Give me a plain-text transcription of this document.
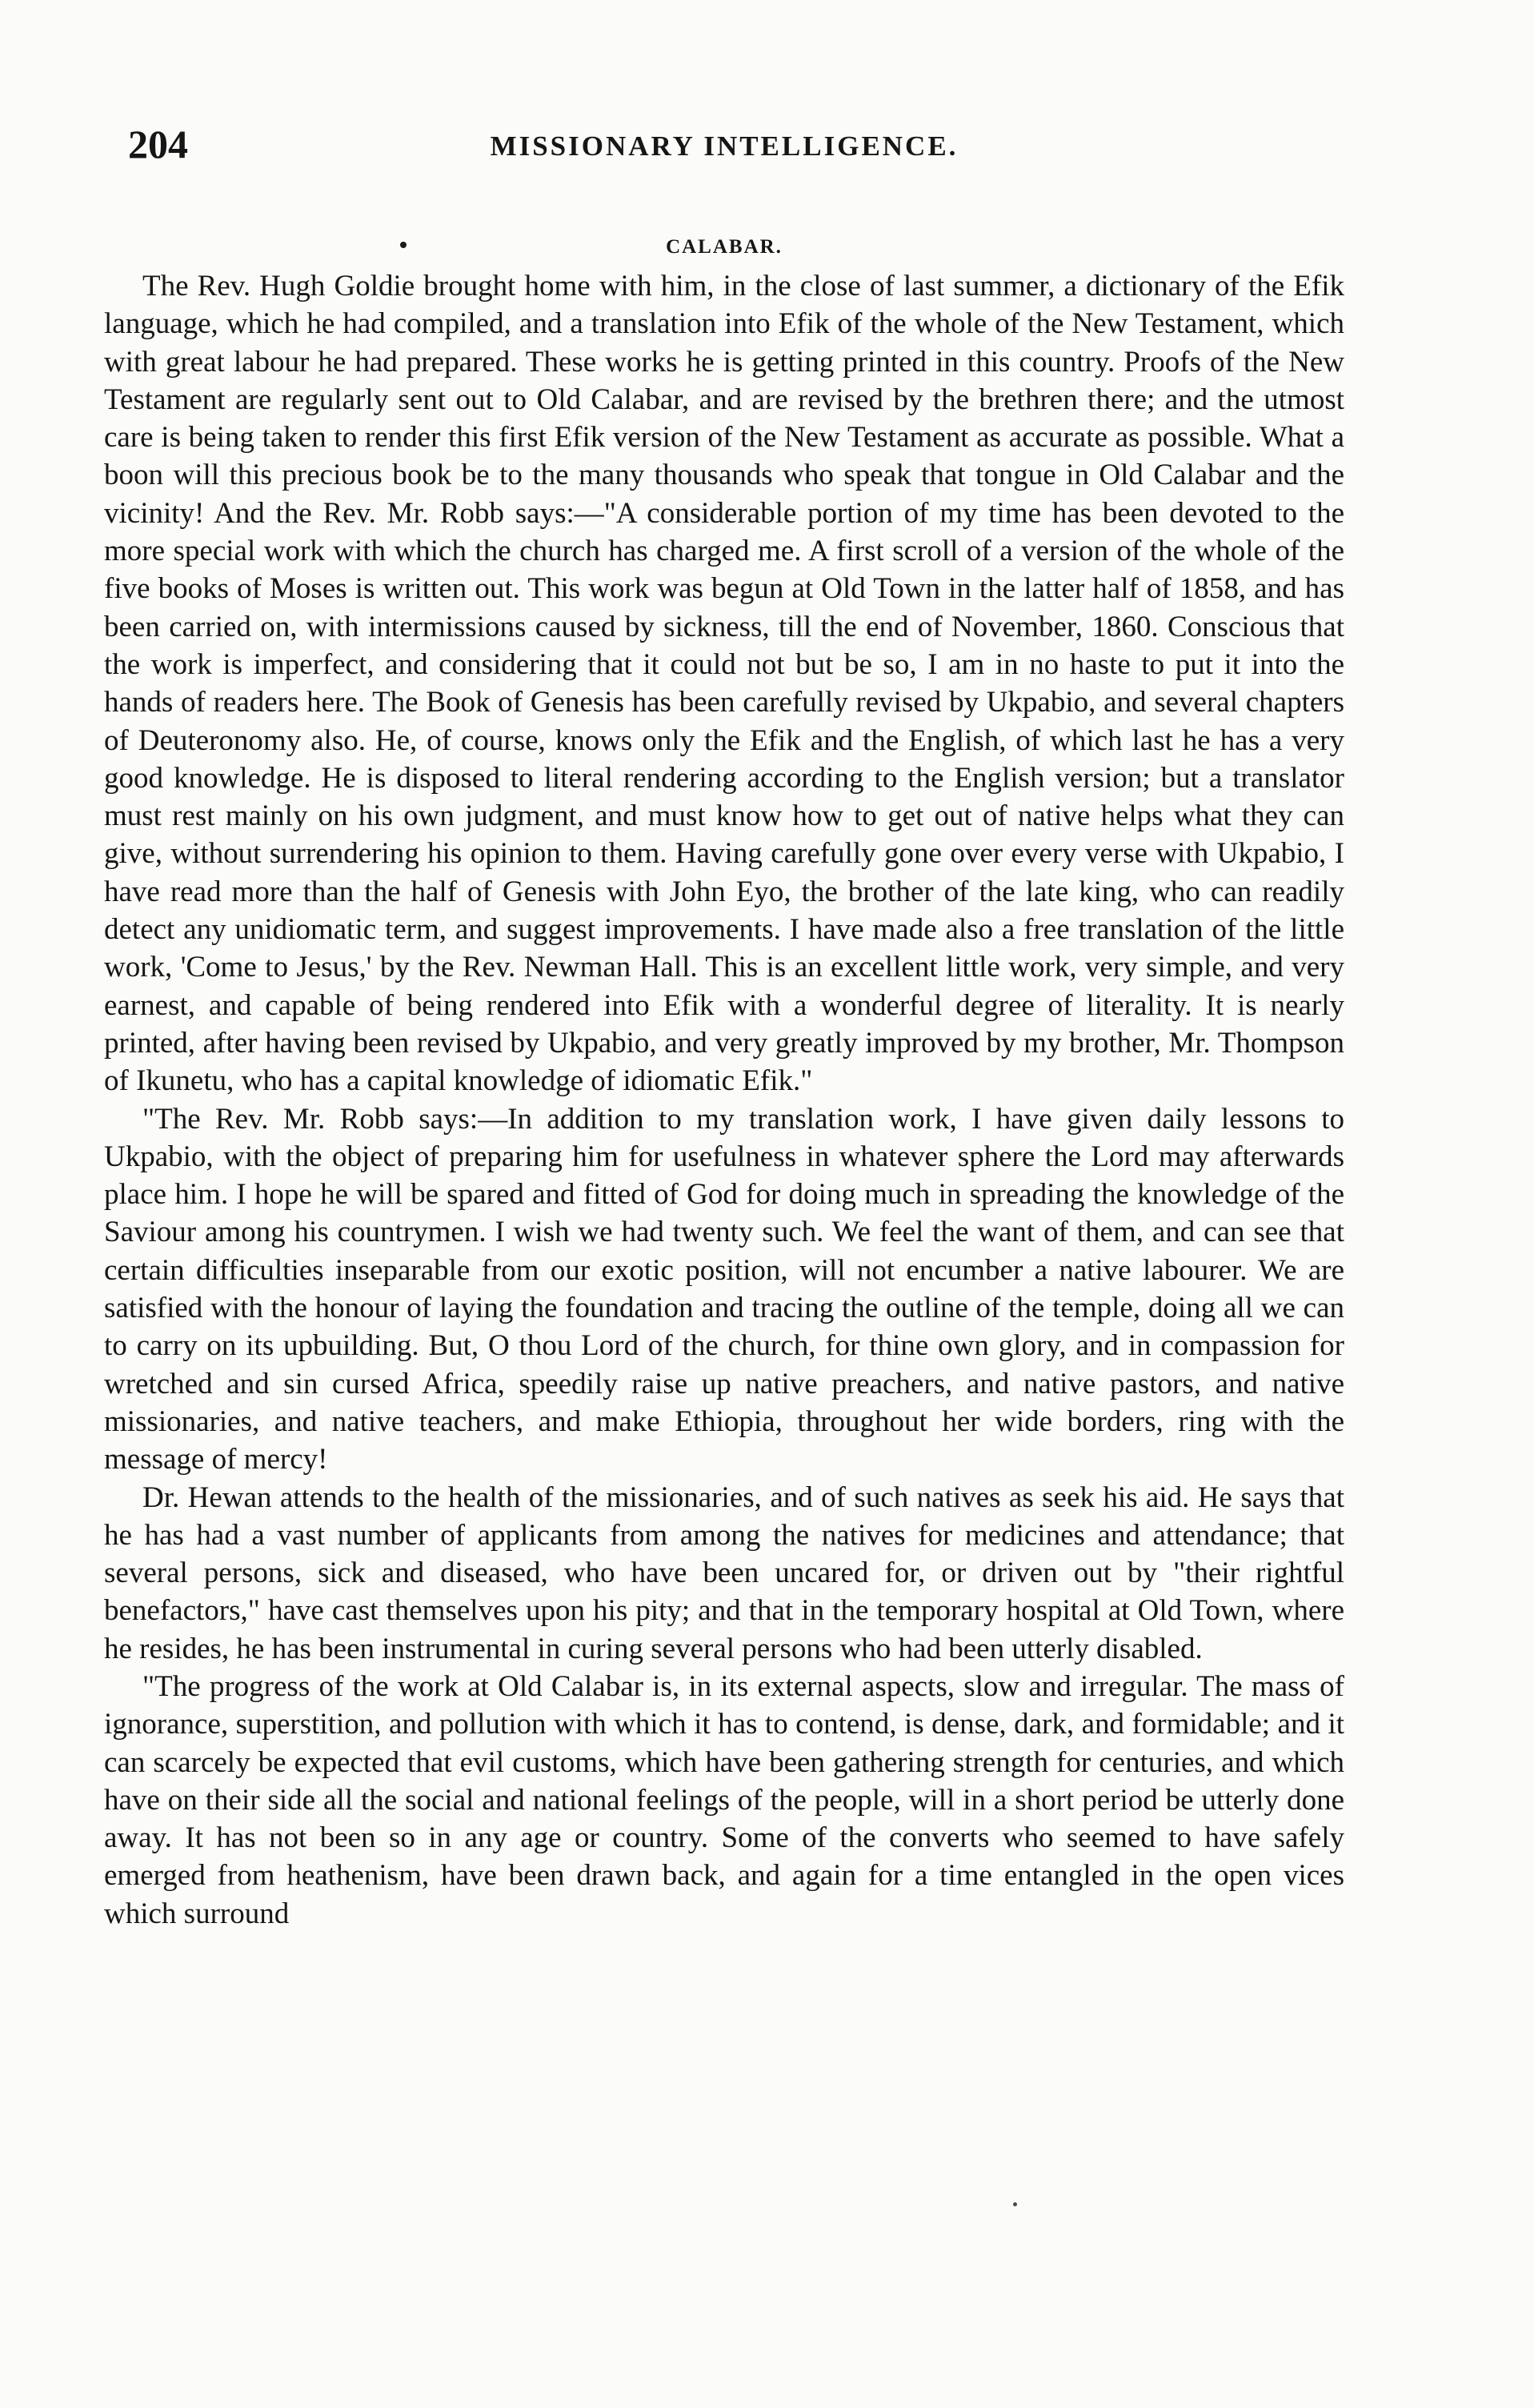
204	MISSIONARY INTELLIGENCE.
CALABAR.

The Rev. Hugh Goldie brought home with him, in the close of last summer, a dictionary of the Efik language, which he had compiled, and a translation into Efik of the whole of the New Testament, which with great labour he had prepared. These works he is getting printed in this country. Proofs of the New Testament are regularly sent out to Old Calabar, and are revised by the brethren there; and the utmost care is being taken to render this first Efik version of the New Testament as accurate as possible. What a boon will this precious book be to the many thousands who speak that tongue in Old Calabar and the vicinity! And the Rev. Mr. Robb says:—"A considerable portion of my time has been devoted to the more special work with which the church has charged me. A first scroll of a version of the whole of the five books of Moses is written out. This work was begun at Old Town in the latter half of 1858, and has been carried on, with intermissions caused by sickness, till the end of November, 1860. Conscious that the work is imperfect, and considering that it could not but be so, I am in no haste to put it into the hands of readers here. The Book of Genesis has been carefully revised by Ukpabio, and several chapters of Deuteronomy also. He, of course, knows only the Efik and the English, of which last he has a very good knowledge. He is disposed to literal rendering according to the English version; but a translator must rest mainly on his own judgment, and must know how to get out of native helps what they can give, without surrendering his opinion to them. Having carefully gone over every verse with Ukpabio, I have read more than the half of Genesis with John Eyo, the brother of the late king, who can readily detect any unidiomatic term, and suggest improvements. I have made also a free translation of the little work, 'Come to Jesus,' by the Rev. Newman Hall. This is an excellent little work, very simple, and very earnest, and capable of being rendered into Efik with a wonderful degree of literality. It is nearly printed, after having been revised by Ukpabio, and very greatly improved by my brother, Mr. Thompson of Ikunetu, who has a capital knowledge of idiomatic Efik."

"The Rev. Mr. Robb says:—In addition to my translation work, I have given daily lessons to Ukpabio, with the object of preparing him for usefulness in whatever sphere the Lord may afterwards place him. I hope he will be spared and fitted of God for doing much in spreading the knowledge of the Saviour among his countrymen. I wish we had twenty such. We feel the want of them, and can see that certain difficulties inseparable from our exotic position, will not encumber a native labourer. We are satisfied with the honour of laying the foundation and tracing the outline of the temple, doing all we can to carry on its upbuilding. But, O thou Lord of the church, for thine own glory, and in compassion for wretched and sin cursed Africa, speedily raise up native preachers, and native pastors, and native missionaries, and native teachers, and make Ethiopia, throughout her wide borders, ring with the message of mercy!

Dr. Hewan attends to the health of the missionaries, and of such natives as seek his aid. He says that he has had a vast number of applicants from among the natives for medicines and attendance; that several persons, sick and diseased, who have been uncared for, or driven out by "their rightful benefactors," have cast themselves upon his pity; and that in the temporary hospital at Old Town, where he resides, he has been instrumental in curing several persons who had been utterly disabled.

"The progress of the work at Old Calabar is, in its external aspects, slow and irregular. The mass of ignorance, superstition, and pollution with which it has to contend, is dense, dark, and formidable; and it can scarcely be expected that evil customs, which have been gathering strength for centuries, and which have on their side all the social and national feelings of the people, will in a short period be utterly done away. It has not been so in any age or country. Some of the converts who seemed to have safely emerged from heathenism, have been drawn back, and again for a time entangled in the open vices which surround
